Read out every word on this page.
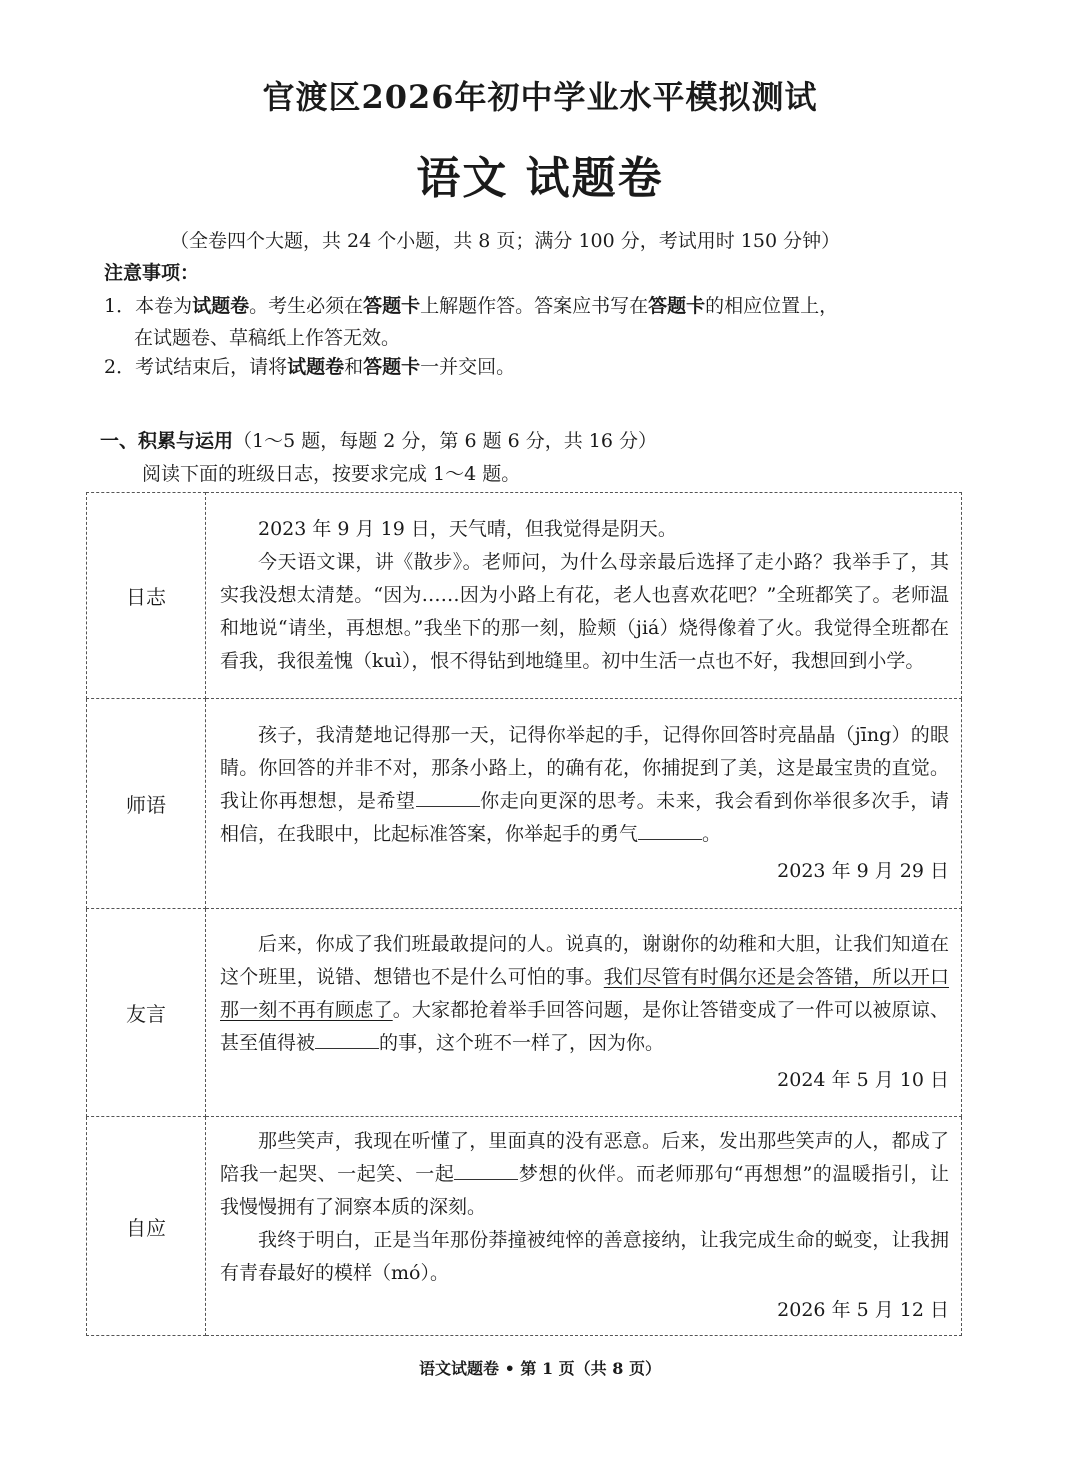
官渡区2026年初中学业水平模拟测试
语文 试题卷
（全卷四个大题，共 24 个小题，共 8 页；满分 100 分，考试用时 150 分钟）
注意事项：
1．本卷为试题卷。考生必须在答题卡上解题作答。答案应书写在答题卡的相应位置上，
在试题卷、草稿纸上作答无效。
2．考试结束后，请将试题卷和答题卡一并交回。
一、积累与运用（1～5 题，每题 2 分，第 6 题 6 分，共 16 分）
阅读下面的班级日志，按要求完成 1～4 题。
日志	2023 年 9 月 19 日，天气晴，但我觉得是阴天。

今天语文课，讲《散步》。老师问，为什么母亲最后选择了走小路？我举手了，其实我没想太清楚。“因为……因为小路上有花，老人也喜欢花吧？”全班都笑了。老师温和地说“请坐，再想想。”我坐下的那一刻，脸颊（jiá）烧得像着了火。我觉得全班都在看我，我很羞愧（kuì），恨不得钻到地缝里。初中生活一点也不好，我想回到小学。

师语	孩子，我清楚地记得那一天，记得你举起的手，记得你回答时亮晶晶（jīng）的眼睛。你回答的并非不对，那条小路上，的确有花，你捕捉到了美，这是最宝贵的直觉。我让你再想想，是希望 你走向更深的思考。未来，我会看到你举很多次手，请相信，在我眼中，比起标准答案，你举起手的勇气 。

2023 年 9 月 29 日

友言	后来，你成了我们班最敢提问的人。说真的，谢谢你的幼稚和大胆，让我们知道在这个班里，说错、想错也不是什么可怕的事。我们尽管有时偶尔还是会答错，所以开口那一刻不再有顾虑了。大家都抢着举手回答问题，是你让答错变成了一件可以被原谅、甚至值得被 的事，这个班不一样了，因为你。

2024 年 5 月 10 日

自应	那些笑声，我现在听懂了，里面真的没有恶意。后来，发出那些笑声的人，都成了陪我一起哭、一起笑、一起 梦想的伙伴。而老师那句“再想想”的温暖指引，让我慢慢拥有了洞察本质的深刻。

我终于明白，正是当年那份莽撞被纯悴的善意接纳，让我完成生命的蜕变，让我拥有青春最好的模样（mó）。

2026 年 5 月 12 日

语文试题卷 • 第 1 页（共 8 页）
